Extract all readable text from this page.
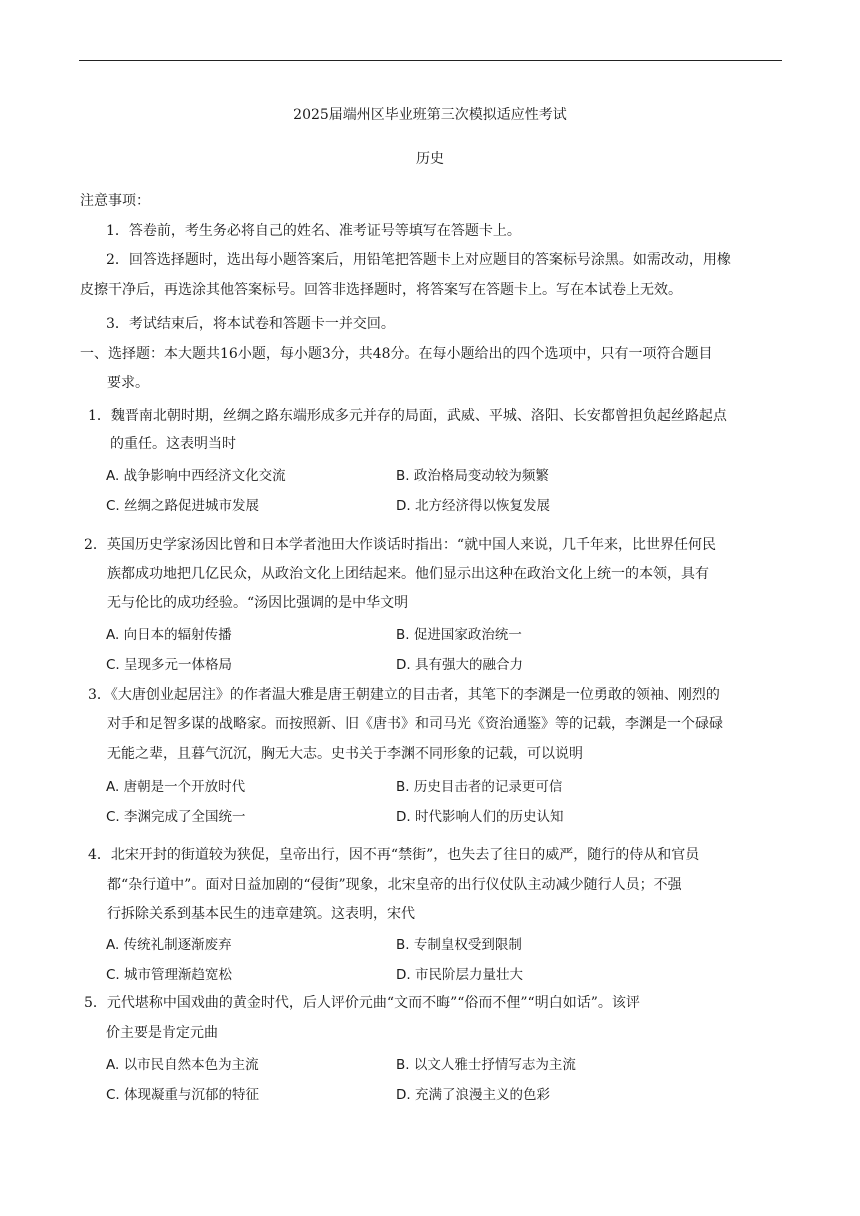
2025届端州区毕业班第三次模拟适应性考试
历史
注意事项：
1．答卷前，考生务必将自己的姓名、准考证号等填写在答题卡上。
2．回答选择题时，选出每小题答案后，用铅笔把答题卡上对应题目的答案标号涂黑。如需改动，用橡
皮擦干净后，再选涂其他答案标号。回答非选择题时，将答案写在答题卡上。写在本试卷上无效。
3．考试结束后，将本试卷和答题卡一并交回。
一、选择题：本大题共16小题，每小题3分，共48分。在每小题给出的四个选项中，只有一项符合题目
要求。
1．魏晋南北朝时期，丝绸之路东端形成多元并存的局面，武威、平城、洛阳、长安都曾担负起丝路起点
的重任。这表明当时
A. 战争影响中西经济文化交流	B. 政治格局变动较为频繁
C. 丝绸之路促进城市发展	D. 北方经济得以恢复发展
2．英国历史学家汤因比曾和日本学者池田大作谈话时指出：“就中国人来说，几千年来，比世界任何民
族都成功地把几亿民众，从政治文化上团结起来。他们显示出这种在政治文化上统一的本领，具有
无与伦比的成功经验。“汤因比强调的是中华文明
A. 向日本的辐射传播	B. 促进国家政治统一
C. 呈现多元一体格局	D. 具有强大的融合力
3．《大唐创业起居注》的作者温大雅是唐王朝建立的目击者，其笔下的李渊是一位勇敢的领袖、刚烈的
对手和足智多谋的战略家。而按照新、旧《唐书》和司马光《资治通鉴》等的记载，李渊是一个碌碌
无能之辈，且暮气沉沉，胸无大志。史书关于李渊不同形象的记载，可以说明
A. 唐朝是一个开放时代	B. 历史目击者的记录更可信
C. 李渊完成了全国统一	D. 时代影响人们的历史认知
4．北宋开封的街道较为狭促，皇帝出行，因不再“禁街”，也失去了往日的威严，随行的侍从和官员
都“杂行道中”。面对日益加剧的“侵街”现象，北宋皇帝的出行仪仗队主动减少随行人员；不强
行拆除关系到基本民生的违章建筑。这表明，宋代
A. 传统礼制逐渐废弃	B. 专制皇权受到限制
C. 城市管理渐趋宽松	D. 市民阶层力量壮大
5．元代堪称中国戏曲的黄金时代，后人评价元曲“文而不晦”“俗而不俚”“明白如话”。该评
价主要是肯定元曲
A. 以市民自然本色为主流	B. 以文人雅士抒情写志为主流
C. 体现凝重与沉郁的特征	D. 充满了浪漫主义的色彩
